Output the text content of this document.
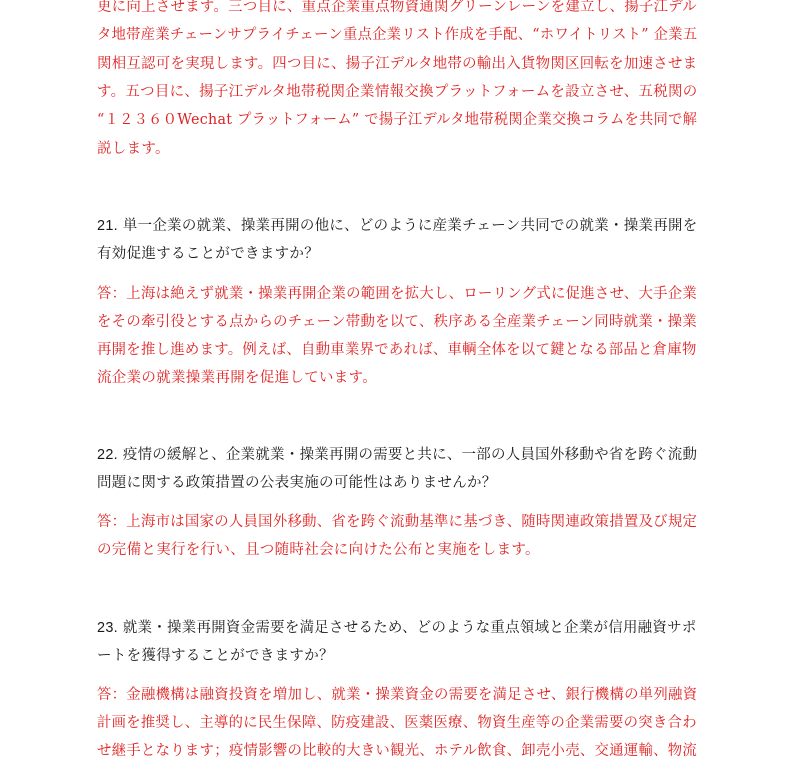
更に向上させます。三つ目に、重点企業重点物資通関グリーンレーンを建立し、揚子江デル
タ地帯産業チェーンサプライチェーン重点企業リスト作成を手配、“ホワイトリスト” 企業五
関相互認可を実現します。四つ目に、揚子江デルタ地帯の輸出入貨物関区回転を加速させま
す。五つ目に、揚子江デルタ地帯税関企業情報交換プラットフォームを設立させ、五税関の
“１２３６０Wechat プラットフォーム” で揚子江デルタ地帯税関企業交換コラムを共同で解
説します。
21. 単一企業の就業、操業再開の他に、どのように産業チェーン共同での就業・操業再開を
有効促進することができますか？
答：上海は絶えず就業・操業再開企業の範囲を拡大し、ローリング式に促進させ、大手企業
をその牽引役とする点からのチェーン帯動を以て、秩序ある全産業チェーン同時就業・操業
再開を推し進めます。例えば、自動車業界であれば、車輌全体を以て鍵となる部品と倉庫物
流企業の就業操業再開を促進しています。
22. 疫情の緩解と、企業就業・操業再開の需要と共に、一部の人員国外移動や省を跨ぐ流動
問題に関する政策措置の公表実施の可能性はありませんか？
答：上海市は国家の人員国外移動、省を跨ぐ流動基準に基づき、随時関連政策措置及び規定
の完備と実行を行い、且つ随時社会に向けた公布と実施をします。
23. 就業・操業再開資金需要を満足させるため、どのような重点領域と企業が信用融資サポ
ートを獲得することができますか？
答：金融機構は融資投資を増加し、就業・操業資金の需要を満足させ、銀行機構の単列融資
計画を推奨し、主導的に民生保障、防疫建設、医薬医療、物資生産等の企業需要の突き合わ
せ継手となります；疫情影響の比較的大きい観光、ホテル飲食、卸売小売、交通運輸、物流
